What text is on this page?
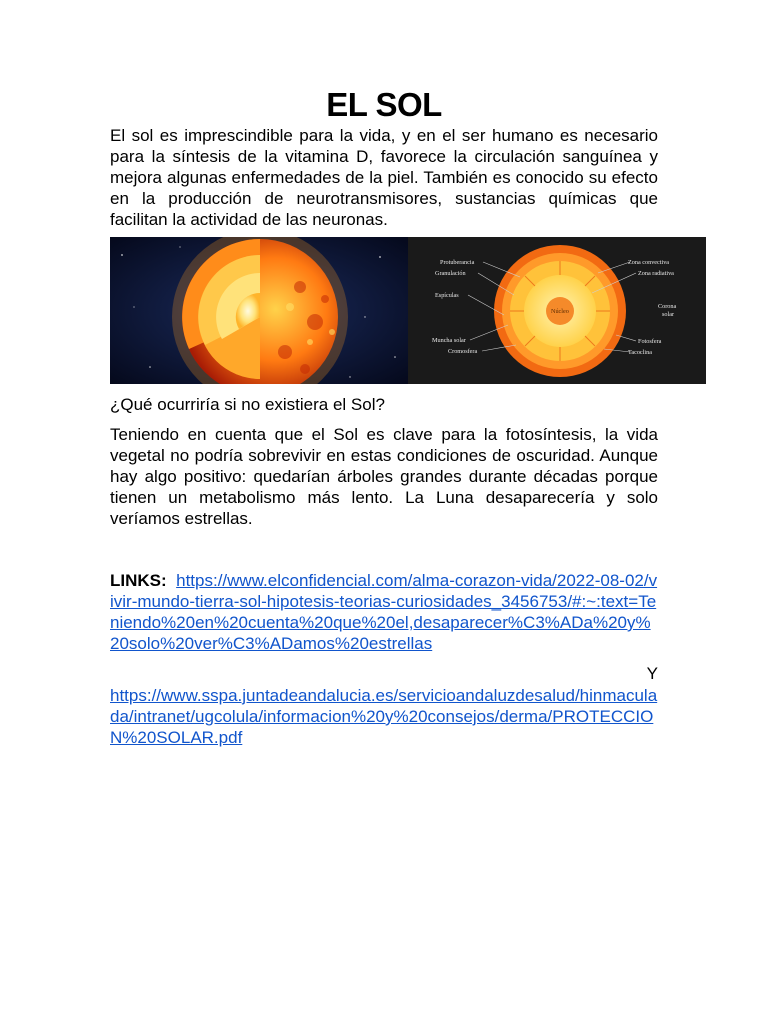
EL SOL

El sol es imprescindible para la vida, y en el ser humano es necesario para la síntesis de la vitamina D, favorece la circulación sanguínea y mejora algunas enfermedades de la piel. También es conocido su efecto en la producción de neurotransmisores, sustancias químicas que facilitan la actividad de las neuronas.

Protuberancia
Granulación
Espículas
Muncha solar
Cromosfera
Núcleo
Zona convectiva
Zona radiativa
Corona
solar
Fotosfera
Tacoclina

¿Qué ocurriría si no existiera el Sol?

Teniendo en cuenta que el Sol es clave para la fotosíntesis, la vida vegetal no podría sobrevivir en estas condiciones de oscuridad. Aunque hay algo positivo: quedarían árboles grandes durante décadas porque tienen un metabolismo más lento. La Luna desaparecería y solo veríamos estrellas.

LINKS: https://www.elconfidencial.com/alma-corazon-vida/2022-08-02/vivir-mundo-tierra-sol-hipotesis-teorias-curiosidades_3456753/#:~:text=Teniendo%20en%20cuenta%20que%20el,desaparecer%C3%ADa%20y%20solo%20ver%C3%ADamos%20estrellas
Y
https://www.sspa.juntadeandalucia.es/servicioandaluzdesalud/hinmaculada/intranet/ugcolula/informacion%20y%20consejos/derma/PROTECCION%20SOLAR.pdf
